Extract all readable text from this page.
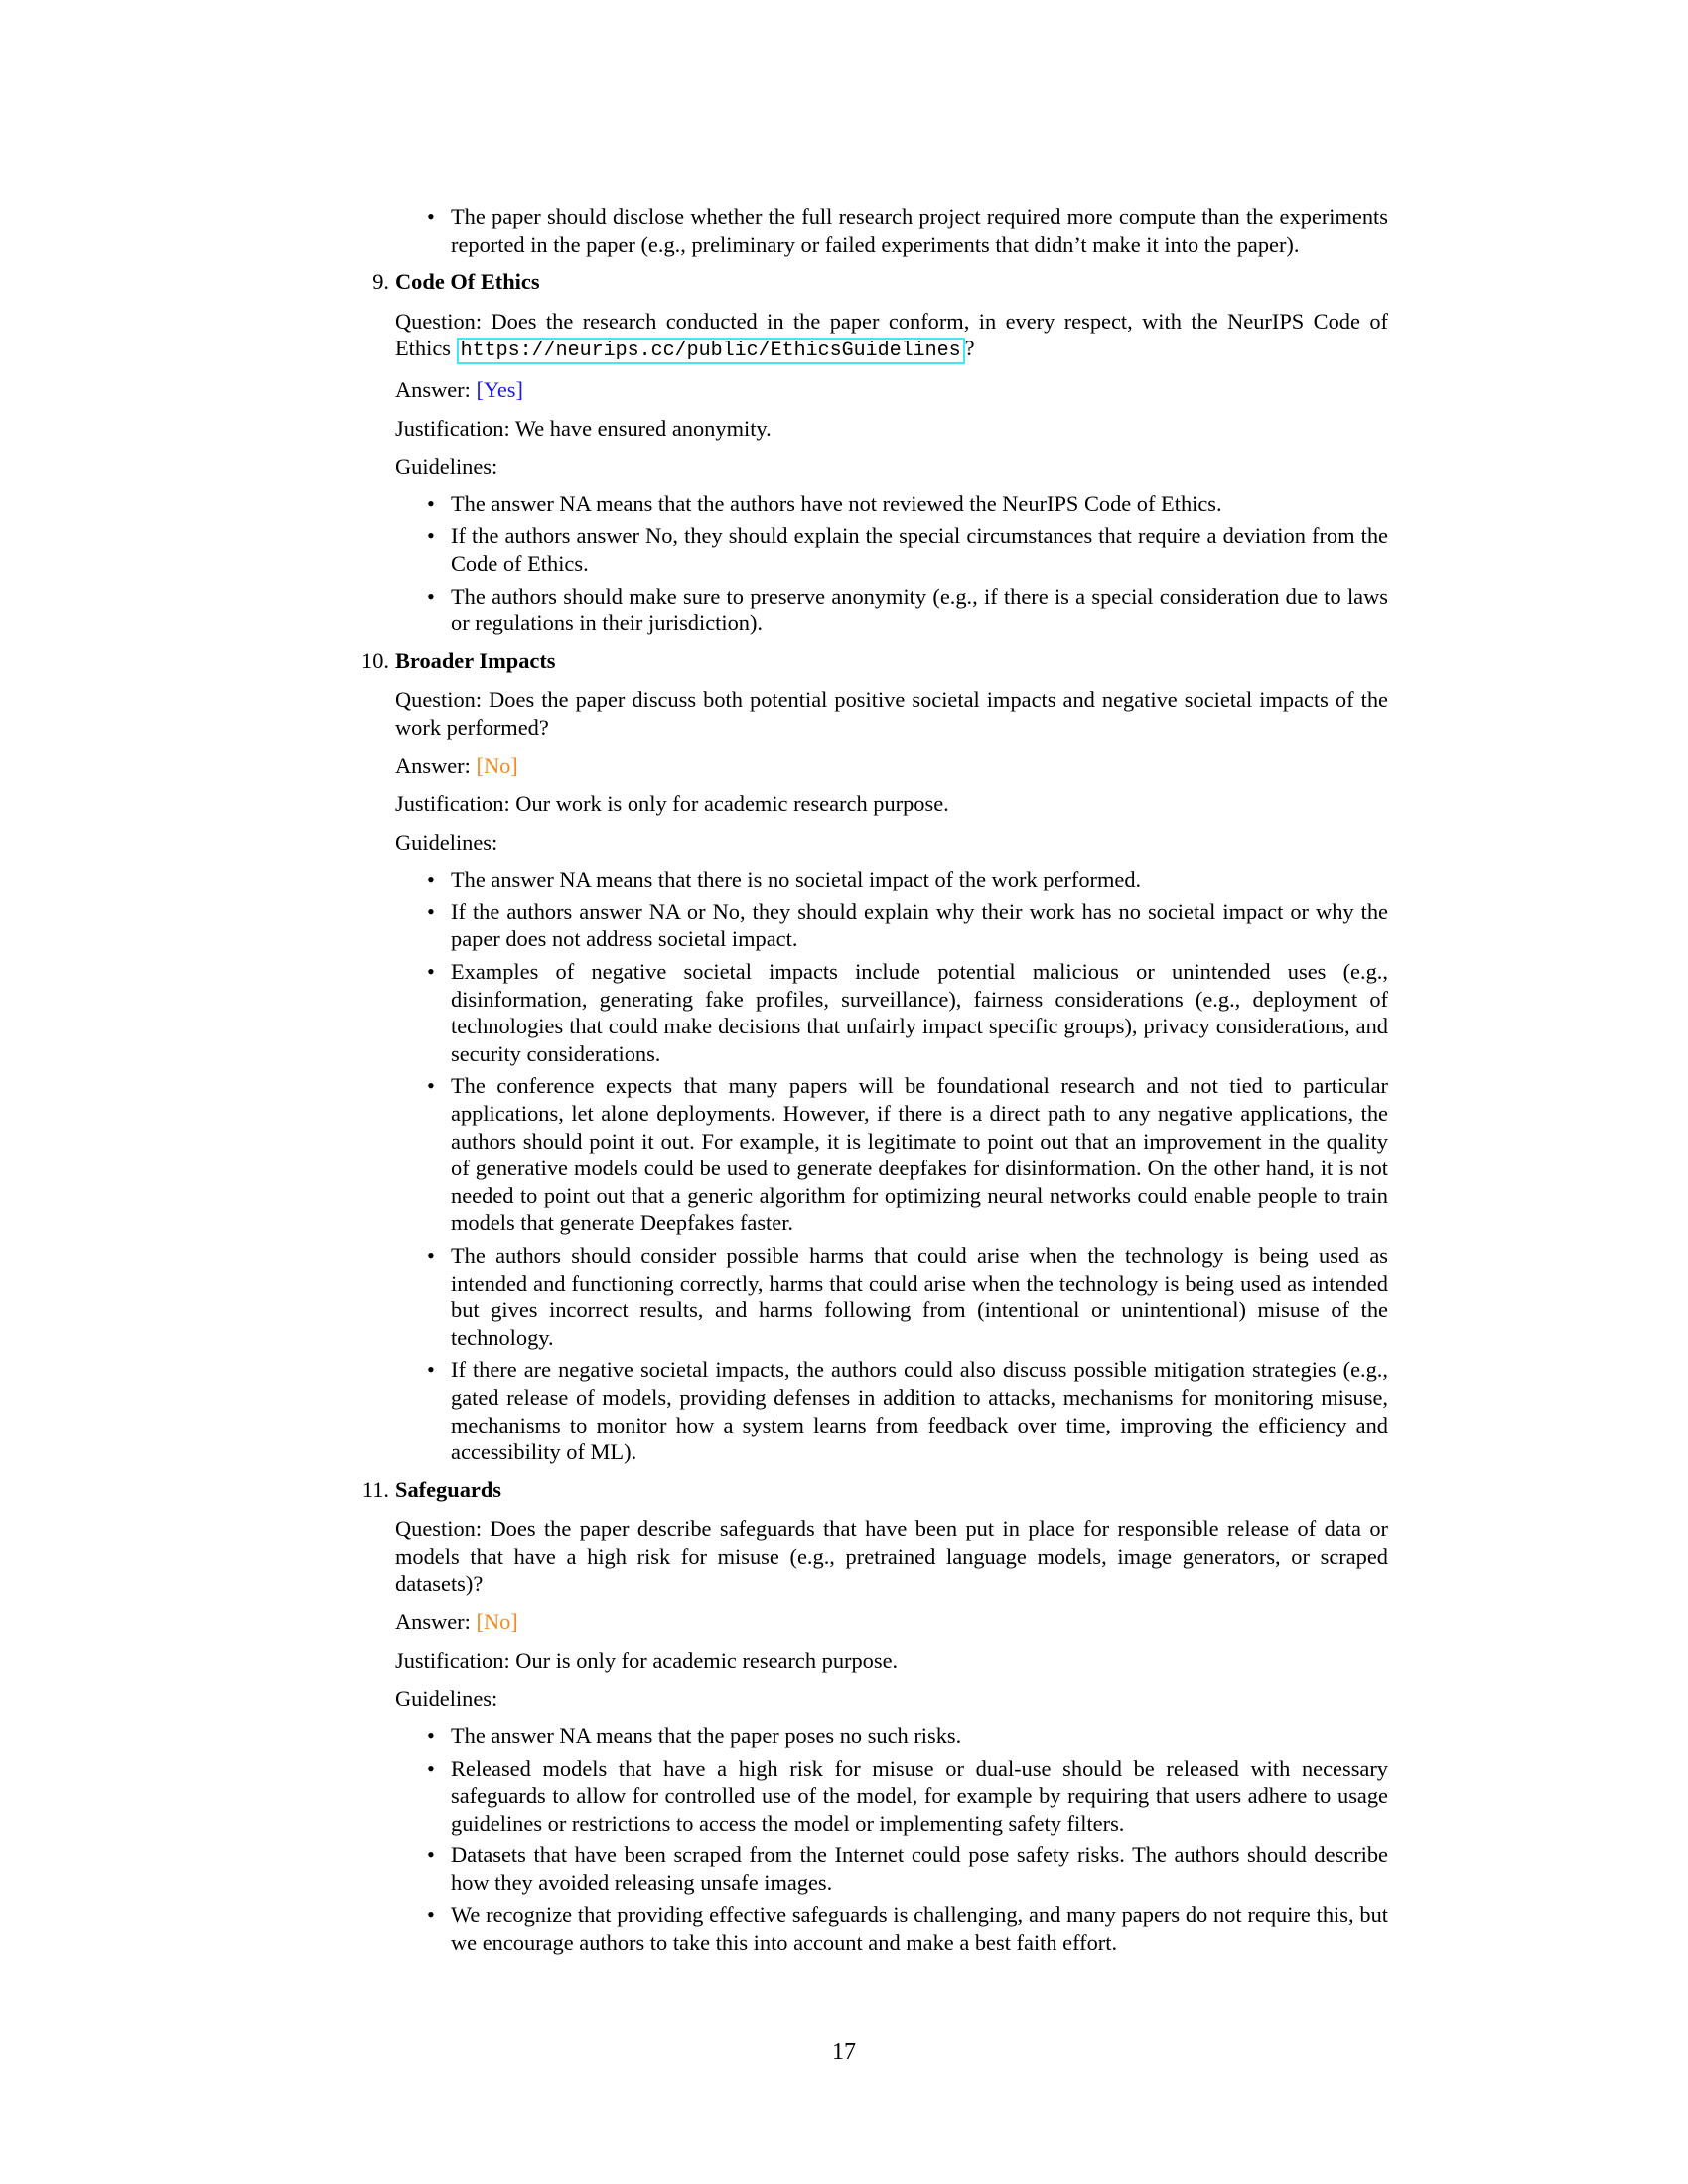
• The paper should disclose whether the full research project required more compute than the experiments reported in the paper (e.g., preliminary or failed experiments that didn’t make it into the paper).
9. Code Of Ethics

Question: Does the research conducted in the paper conform, in every respect, with the NeurIPS Code of Ethics https://neurips.cc/public/EthicsGuidelines ?

Answer: [Yes]

Justification: We have ensured anonymity.

Guidelines:

• The answer NA means that the authors have not reviewed the NeurIPS Code of Ethics.
• If the authors answer No, they should explain the special circumstances that require a deviation from the Code of Ethics.
• The authors should make sure to preserve anonymity (e.g., if there is a special consideration due to laws or regulations in their jurisdiction).
10. Broader Impacts

Question: Does the paper discuss both potential positive societal impacts and negative societal impacts of the work performed?

Answer: [No]

Justification: Our work is only for academic research purpose.

Guidelines:

• The answer NA means that there is no societal impact of the work performed.
• If the authors answer NA or No, they should explain why their work has no societal impact or why the paper does not address societal impact.
• Examples of negative societal impacts include potential malicious or unintended uses (e.g., disinformation, generating fake profiles, surveillance), fairness considerations (e.g., deployment of technologies that could make decisions that unfairly impact specific groups), privacy considerations, and security considerations.
• The conference expects that many papers will be foundational research and not tied to particular applications, let alone deployments. However, if there is a direct path to any negative applications, the authors should point it out. For example, it is legitimate to point out that an improvement in the quality of generative models could be used to generate deepfakes for disinformation. On the other hand, it is not needed to point out that a generic algorithm for optimizing neural networks could enable people to train models that generate Deepfakes faster.
• The authors should consider possible harms that could arise when the technology is being used as intended and functioning correctly, harms that could arise when the technology is being used as intended but gives incorrect results, and harms following from (intentional or unintentional) misuse of the technology.
• If there are negative societal impacts, the authors could also discuss possible mitigation strategies (e.g., gated release of models, providing defenses in addition to attacks, mechanisms for monitoring misuse, mechanisms to monitor how a system learns from feedback over time, improving the efficiency and accessibility of ML).
11. Safeguards

Question: Does the paper describe safeguards that have been put in place for responsible release of data or models that have a high risk for misuse (e.g., pretrained language models, image generators, or scraped datasets)?

Answer: [No]

Justification: Our is only for academic research purpose.

Guidelines:

• The answer NA means that the paper poses no such risks.
• Released models that have a high risk for misuse or dual-use should be released with necessary safeguards to allow for controlled use of the model, for example by requiring that users adhere to usage guidelines or restrictions to access the model or implementing safety filters.
• Datasets that have been scraped from the Internet could pose safety risks. The authors should describe how they avoided releasing unsafe images.
• We recognize that providing effective safeguards is challenging, and many papers do not require this, but we encourage authors to take this into account and make a best faith effort.
17
